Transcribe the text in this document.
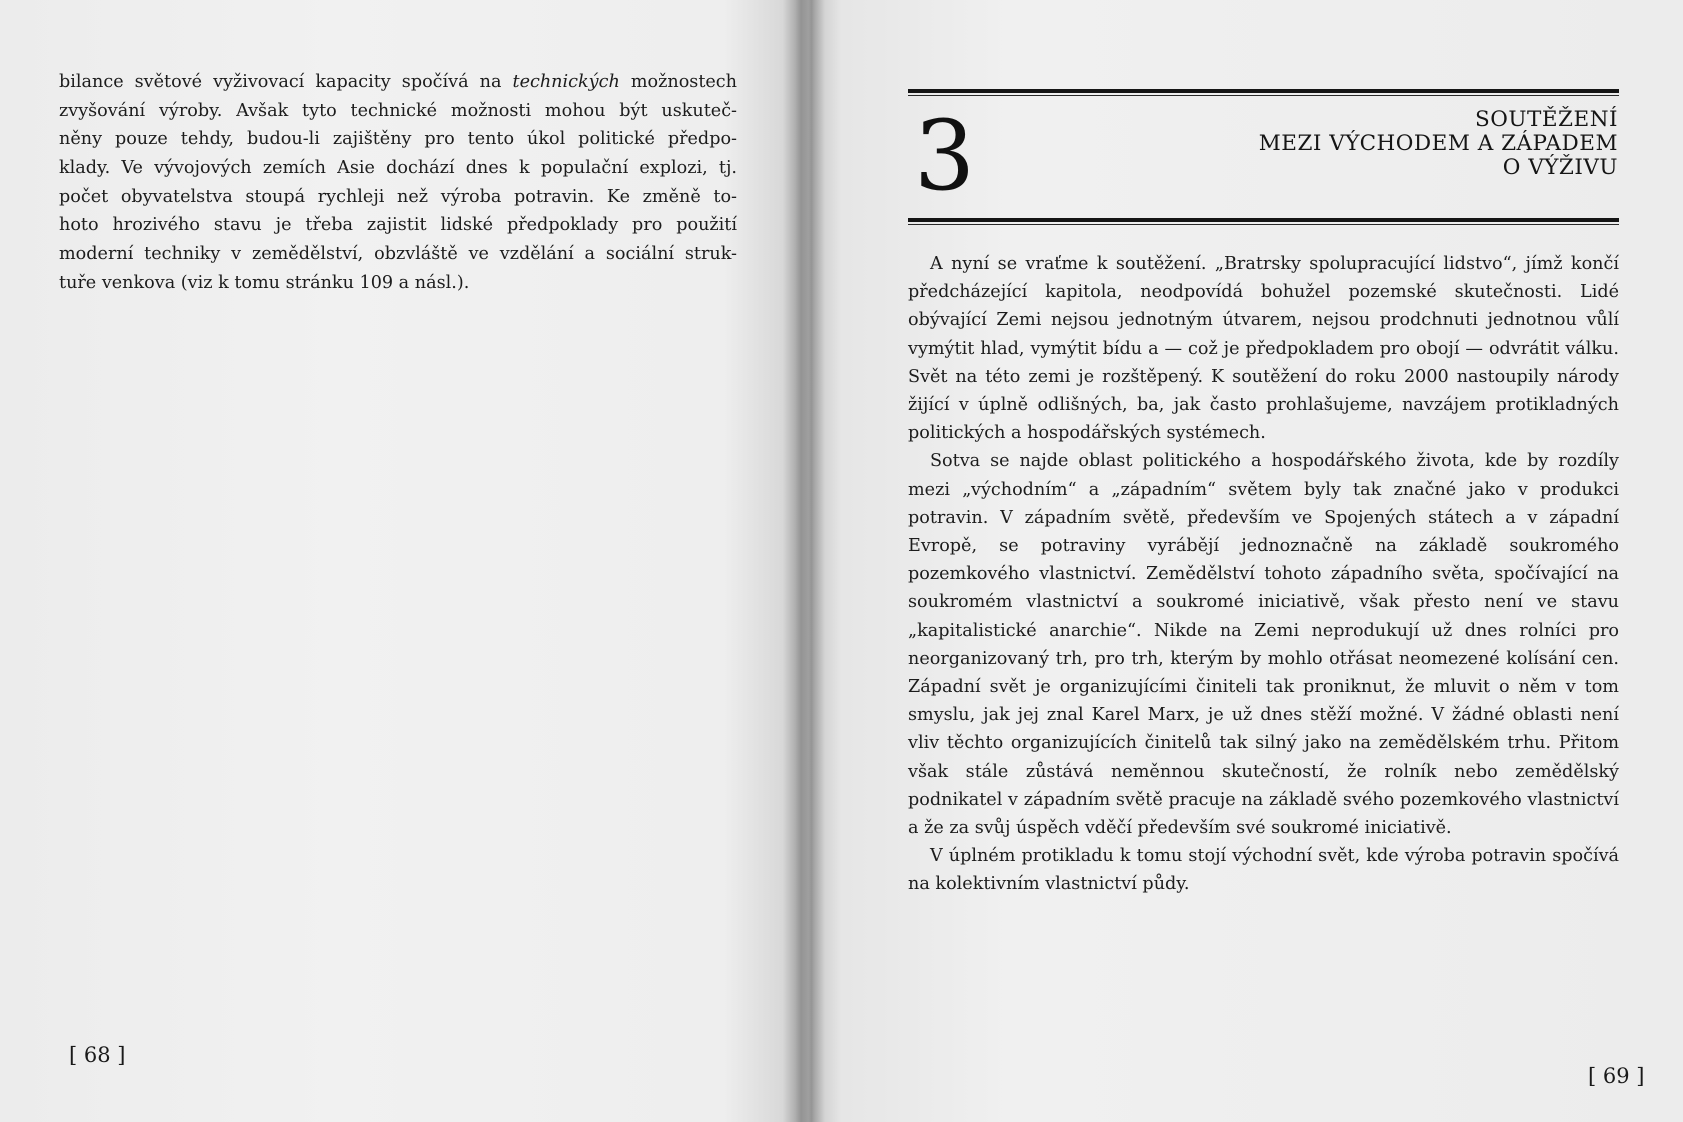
bilance světové vyživovací kapacity spočívá na technických možnostech
zvyšování výroby. Avšak tyto technické možnosti mohou být uskuteč-
něny pouze tehdy, budou-li zajištěny pro tento úkol politické předpo-
klady. Ve vývojových zemích Asie dochází dnes k populační explozi, tj.
počet obyvatelstva stoupá rychleji než výroba potravin. Ke změně to-
hoto hrozivého stavu je třeba zajistit lidské předpoklady pro použití
moderní techniky v zemědělství, obzvláště ve vzdělání a sociální struk-
tuře venkova (viz k tomu stránku 109 a násl.).
[ 68 ]
3	SOUTĚŽENÍ
MEZI VÝCHODEM A ZÁPADEM
O VÝŽIVU

A nyní se vraťme k soutěžení. „Bratrsky spolupracující lidstvo“, jímž končí předcházející kapitola, neodpovídá bohužel pozemské skutečnosti. Lidé obývající Zemi nejsou jednotným útvarem, nejsou prodchnuti jednotnou vůlí vymýtit hlad, vymýtit bídu a — což je předpokladem pro obojí — odvrátit válku. Svět na této zemi je rozštěpený. K soutěžení do roku 2000 nastoupily národy žijící v úplně odlišných, ba, jak často prohlašujeme, navzájem protikladných politických a hospodářských systémech.

Sotva se najde oblast politického a hospodářského života, kde by rozdíly mezi „východním“ a „západním“ světem byly tak značné jako v produkci potravin. V západním světě, především ve Spojených státech a v západní Evropě, se potraviny vyrábějí jednoznačně na základě soukromého pozemkového vlastnictví. Zemědělství tohoto západního světa, spočívající na soukromém vlastnictví a soukromé iniciativě, však přesto není ve stavu „kapitalistické anarchie“. Nikde na Zemi neprodukují už dnes rolníci pro neorganizovaný trh, pro trh, kterým by mohlo otřásat neomezené kolísání cen. Západní svět je organizujícími činiteli tak proniknut, že mluvit o něm v tom smyslu, jak jej znal Karel Marx, je už dnes stěží možné. V žádné oblasti není vliv těchto organizujících činitelů tak silný jako na zemědělském trhu. Přitom však stále zůstává neměnnou skutečností, že rolník nebo zemědělský podnikatel v západním světě pracuje na základě svého pozemkového vlastnictví a že za svůj úspěch vděčí především své soukromé iniciativě.

V úplném protikladu k tomu stojí východní svět, kde výroba potravin spočívá na kolektivním vlastnictví půdy.

[ 69 ]
